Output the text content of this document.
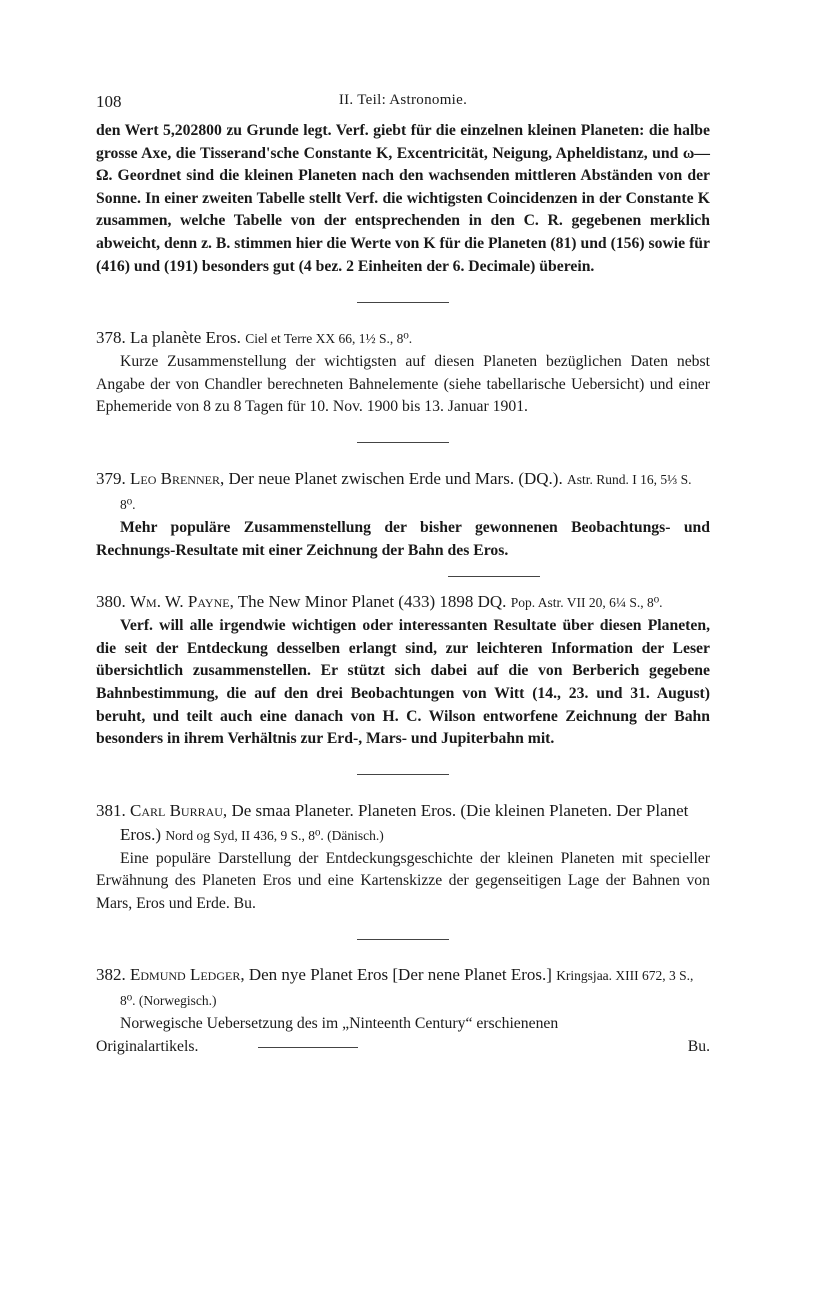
108	II. Teil: Astronomie.

den Wert 5,202800 zu Grunde legt. Verf. giebt für die einzelnen kleinen Planeten: die halbe grosse Axe, die Tisserand'sche Constante K, Excentricität, Neigung, Apheldistanz, und ω—Ω. Geordnet sind die kleinen Planeten nach den wachsenden mittleren Abständen von der Sonne. In einer zweiten Tabelle stellt Verf. die wichtigsten Coincidenzen in der Constante K zusammen, welche Tabelle von der entsprechenden in den C. R. gegebenen merklich abweicht, denn z. B. stimmen hier die Werte von K für die Planeten (81) und (156) sowie für (416) und (191) besonders gut (4 bez. 2 Einheiten der 6. Decimale) überein.

378. La planète Eros. Ciel et Terre XX 66, 1½ S., 8⁰.

Kurze Zusammenstellung der wichtigsten auf diesen Planeten bezüglichen Daten nebst Angabe der von Chandler berechneten Bahnelemente (siehe tabellarische Uebersicht) und einer Ephemeride von 8 zu 8 Tagen für 10. Nov. 1900 bis 13. Januar 1901.

379. Leo Brenner, Der neue Planet zwischen Erde und Mars. (DQ.). Astr. Rund. I 16, 5⅓ S. 8⁰.

Mehr populäre Zusammenstellung der bisher gewonnenen Beobachtungs- und Rechnungs-Resultate mit einer Zeichnung der Bahn des Eros.

380. Wm. W. Payne, The New Minor Planet (433) 1898 DQ. Pop. Astr. VII 20, 6¼ S., 8⁰.

Verf. will alle irgendwie wichtigen oder interessanten Resultate über diesen Planeten, die seit der Entdeckung desselben erlangt sind, zur leichteren Information der Leser übersichtlich zusammenstellen. Er stützt sich dabei auf die von Berberich gegebene Bahnbestimmung, die auf den drei Beobachtungen von Witt (14., 23. und 31. August) beruht, und teilt auch eine danach von H. C. Wilson entworfene Zeichnung der Bahn besonders in ihrem Verhältnis zur Erd-, Mars- und Jupiterbahn mit.

381. Carl Burrau, De smaa Planeter. Planeten Eros. (Die kleinen Planeten. Der Planet Eros.) Nord og Syd, II 436, 9 S., 8⁰. (Dänisch.)

Eine populäre Darstellung der Entdeckungsgeschichte der kleinen Planeten mit specieller Erwähnung des Planeten Eros und eine Kartenskizze der gegenseitigen Lage der Bahnen von Mars, Eros und Erde. Bu.

382. Edmund Ledger, Den nye Planet Eros [Der nene Planet Eros.] Kringsjaa. XIII 672, 3 S., 8⁰. (Norwegisch.)

Norwegische Uebersetzung des im „Ninteenth Century“ erschienenen

Originalartikels.	Bu.
